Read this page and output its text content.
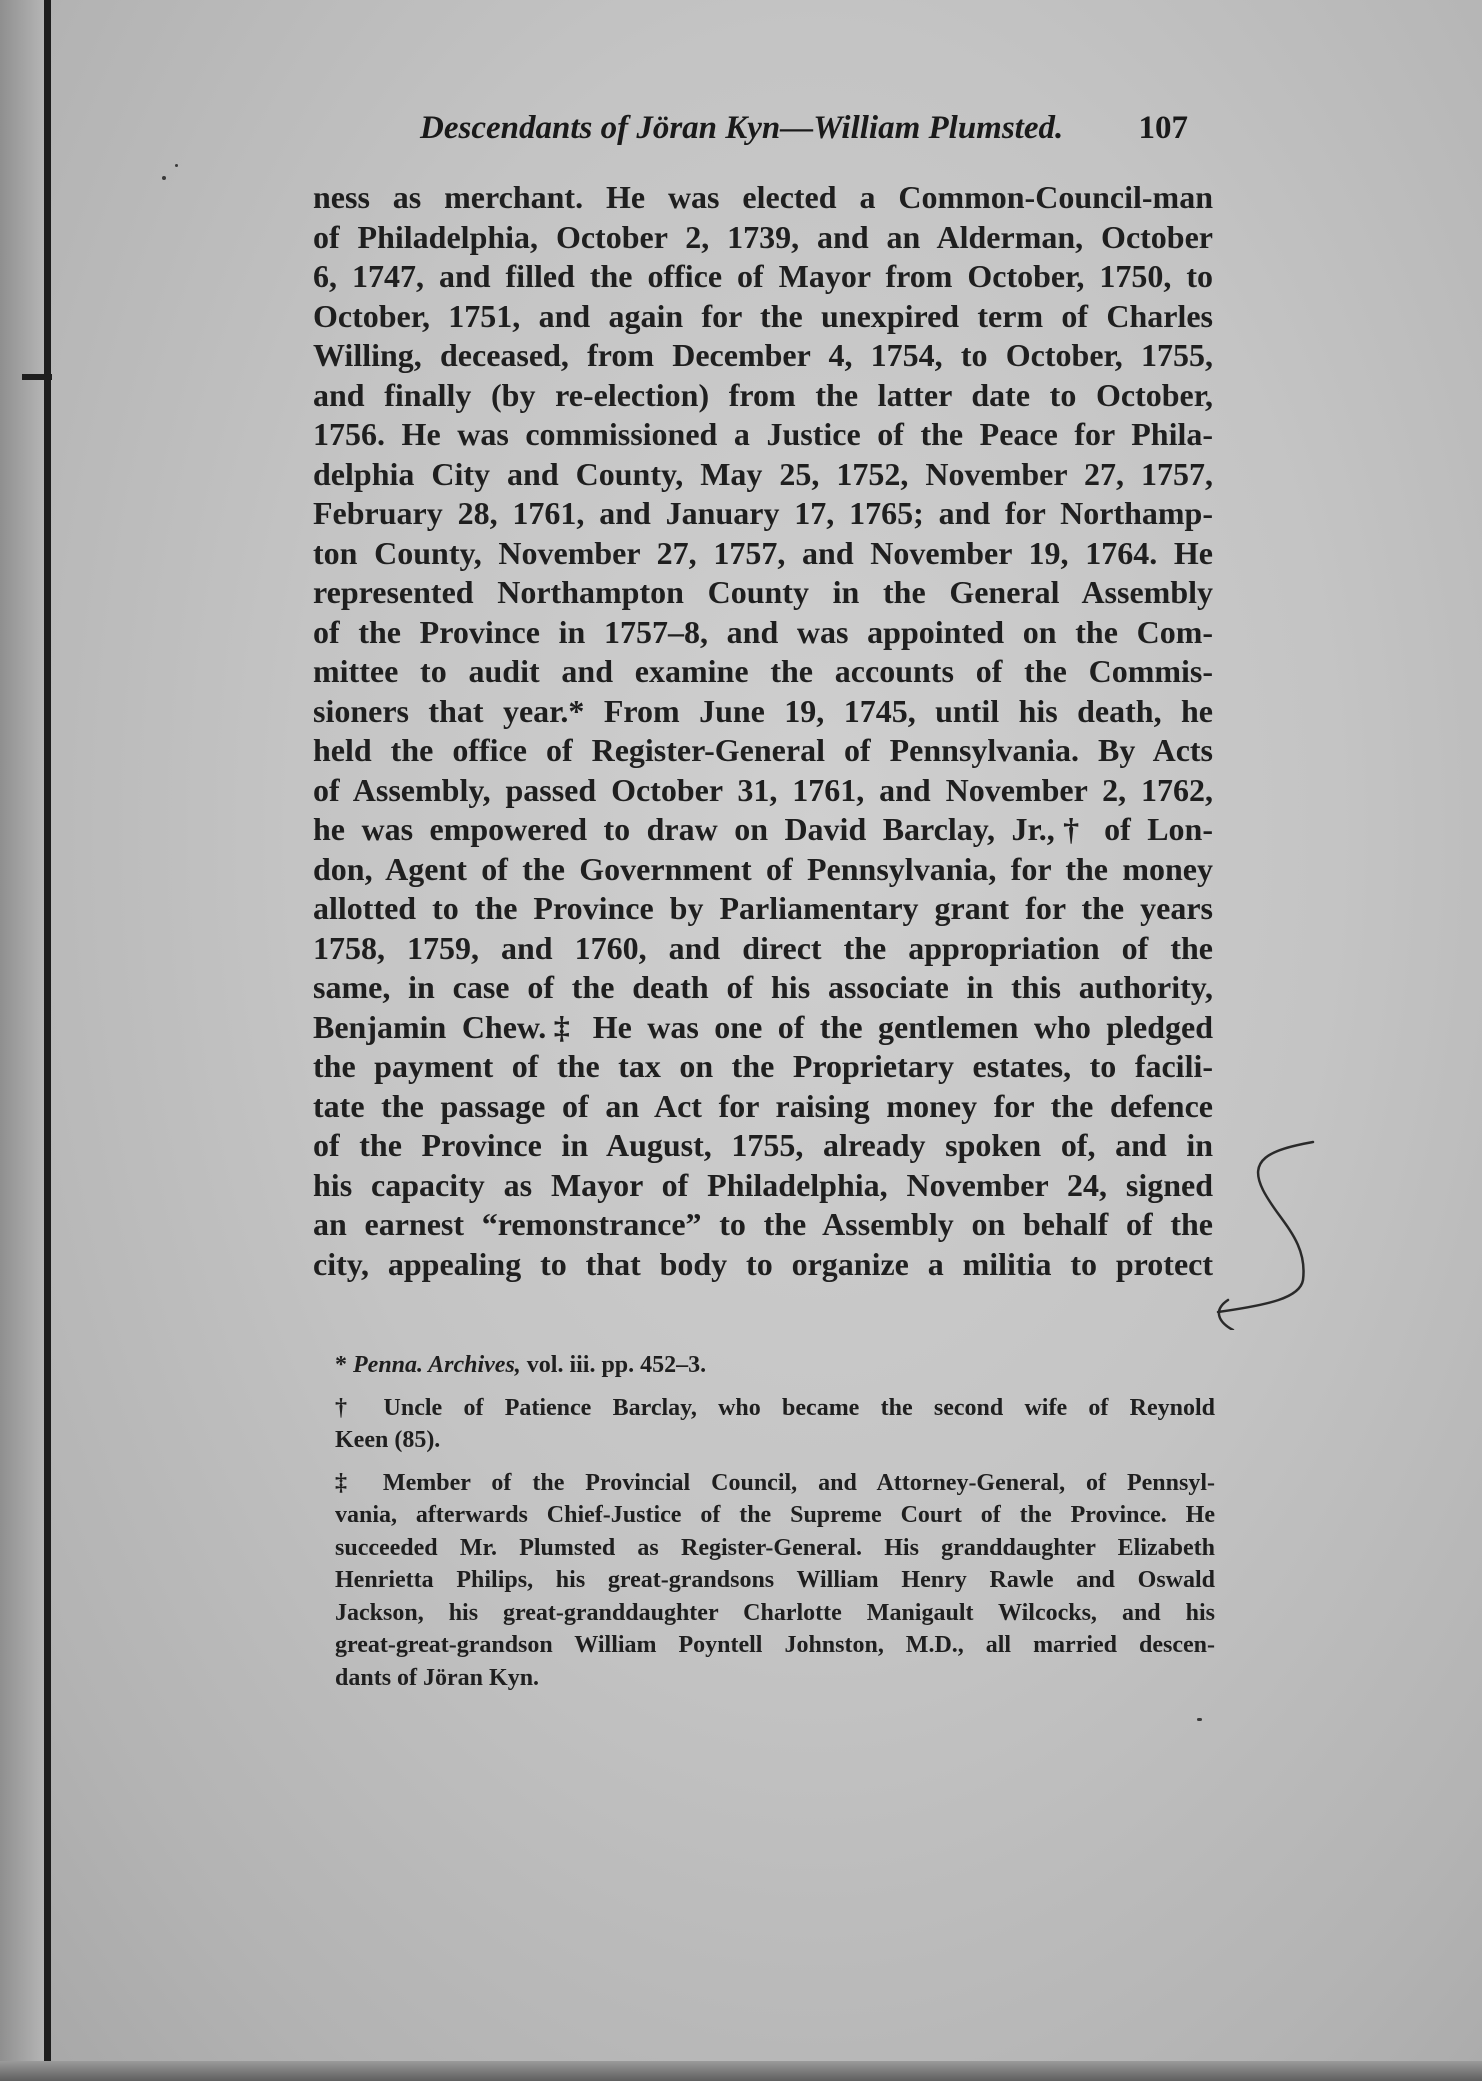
Descendants of Jöran Kyn—William Plumsted. 107
ness as merchant. He was elected a Common-Council-man
of Philadelphia, October 2, 1739, and an Alderman, October
6, 1747, and filled the office of Mayor from October, 1750, to
October, 1751, and again for the unexpired term of Charles
Willing, deceased, from December 4, 1754, to October, 1755,
and finally (by re-election) from the latter date to October,
1756. He was commissioned a Justice of the Peace for Phila-
delphia City and County, May 25, 1752, November 27, 1757,
February 28, 1761, and January 17, 1765; and for Northamp-
ton County, November 27, 1757, and November 19, 1764. He
represented Northampton County in the General Assembly
of the Province in 1757–8, and was appointed on the Com-
mittee to audit and examine the accounts of the Commis-
sioners that year.* From June 19, 1745, until his death, he
held the office of Register-General of Pennsylvania. By Acts
of Assembly, passed October 31, 1761, and November 2, 1762,
he was empowered to draw on David Barclay, Jr.,† of Lon-
don, Agent of the Government of Pennsylvania, for the money
allotted to the Province by Parliamentary grant for the years
1758, 1759, and 1760, and direct the appropriation of the
same, in case of the death of his associate in this authority,
Benjamin Chew.‡ He was one of the gentlemen who pledged
the payment of the tax on the Proprietary estates, to facili-
tate the passage of an Act for raising money for the defence
of the Province in August, 1755, already spoken of, and in
his capacity as Mayor of Philadelphia, November 24, signed
an earnest “remonstrance” to the Assembly on behalf of the
city, appealing to that body to organize a militia to protect
* Penna. Archives, vol. iii. pp. 452–3.
† Uncle of Patience Barclay, who became the second wife of Reynold
Keen (85).
‡ Member of the Provincial Council, and Attorney-General, of Pennsyl-
vania, afterwards Chief-Justice of the Supreme Court of the Province. He
succeeded Mr. Plumsted as Register-General. His granddaughter Elizabeth
Henrietta Philips, his great-grandsons William Henry Rawle and Oswald
Jackson, his great-granddaughter Charlotte Manigault Wilcocks, and his
great-great-grandson William Poyntell Johnston, M.D., all married descen-
dants of Jöran Kyn.
